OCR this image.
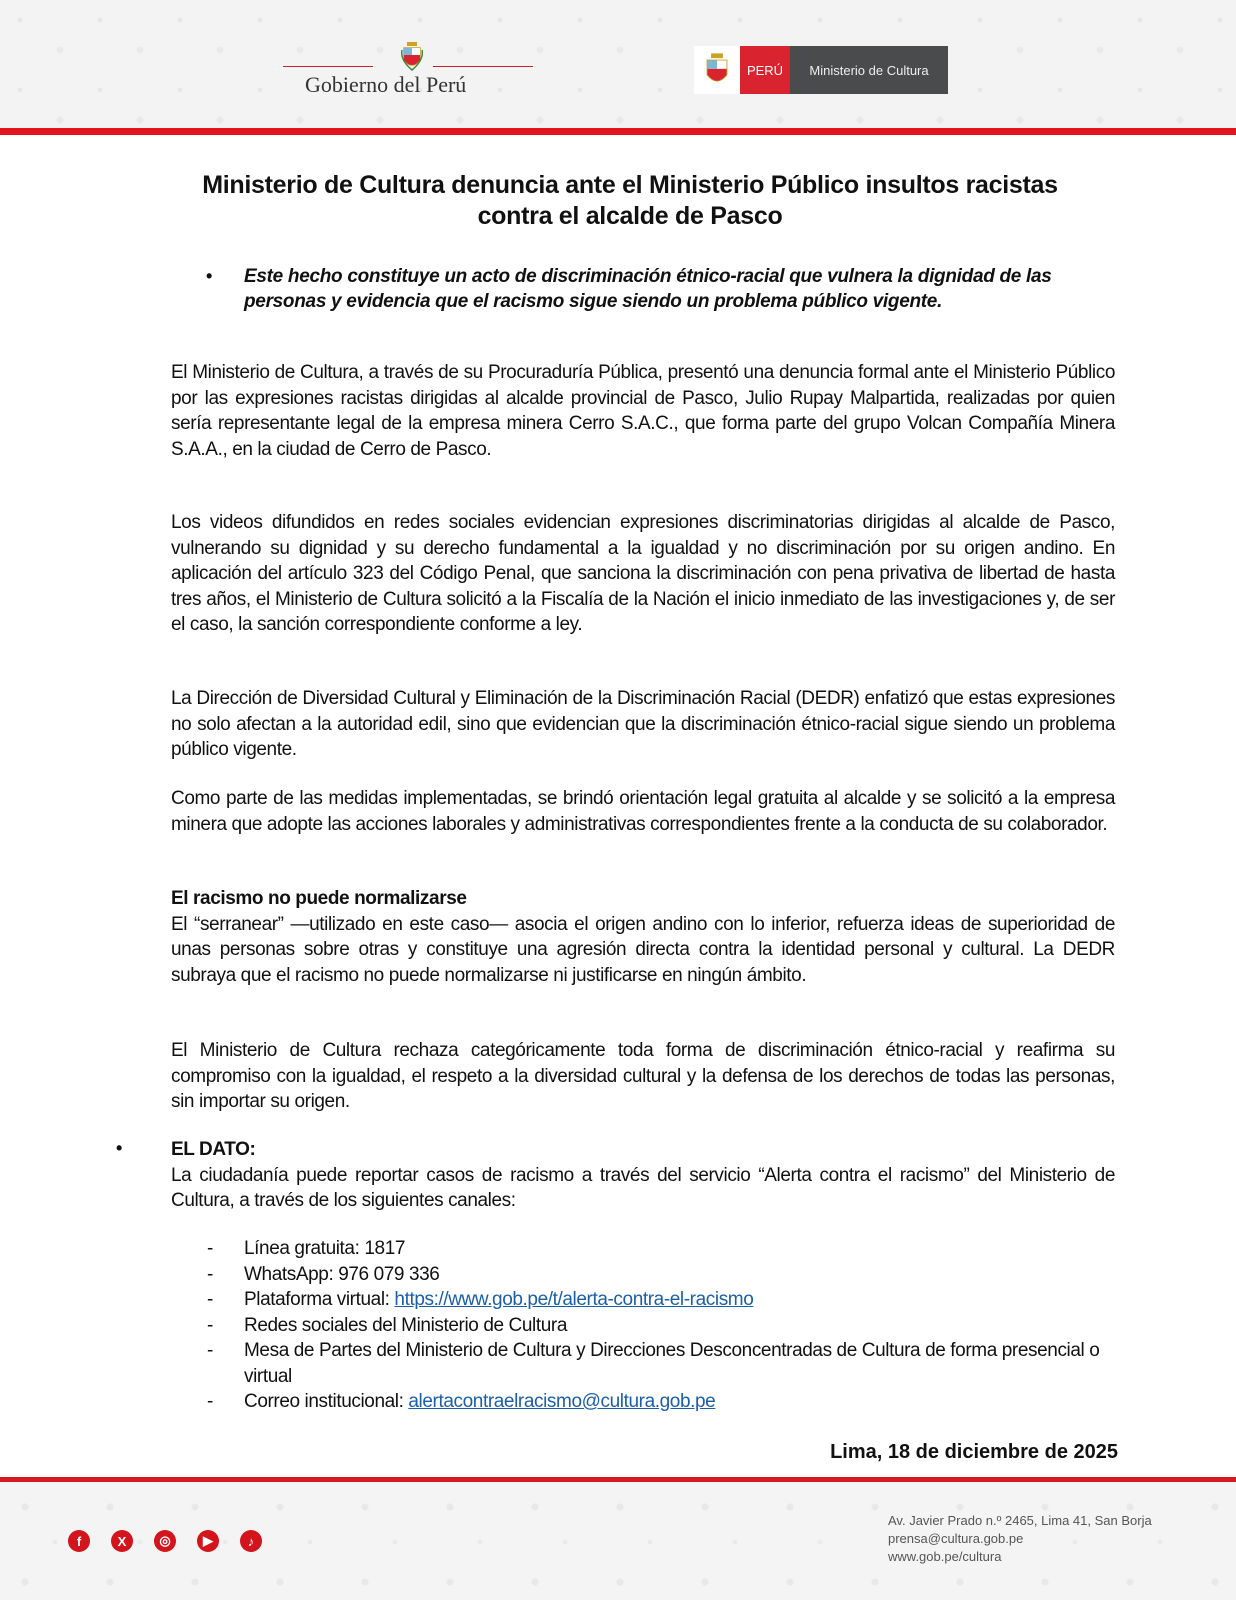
Gobierno del Perú
PERÚ	Ministerio de Cultura
Ministerio de Cultura denuncia ante el Ministerio Público insultos racistas contra el alcalde de Pasco
• Este hecho constituye un acto de discriminación étnico-racial que vulnera la dignidad de las personas y evidencia que el racismo sigue siendo un problema público vigente.
El Ministerio de Cultura, a través de su Procuraduría Pública, presentó una denuncia formal ante el Ministerio Público por las expresiones racistas dirigidas al alcalde provincial de Pasco, Julio Rupay Malpartida, realizadas por quien sería representante legal de la empresa minera Cerro S.A.C., que forma parte del grupo Volcan Compañía Minera S.A.A., en la ciudad de Cerro de Pasco.
Los videos difundidos en redes sociales evidencian expresiones discriminatorias dirigidas al alcalde de Pasco, vulnerando su dignidad y su derecho fundamental a la igualdad y no discriminación por su origen andino. En aplicación del artículo 323 del Código Penal, que sanciona la discriminación con pena privativa de libertad de hasta tres años, el Ministerio de Cultura solicitó a la Fiscalía de la Nación el inicio inmediato de las investigaciones y, de ser el caso, la sanción correspondiente conforme a ley.
La Dirección de Diversidad Cultural y Eliminación de la Discriminación Racial (DEDR) enfatizó que estas expresiones no solo afectan a la autoridad edil, sino que evidencian que la discriminación étnico-racial sigue siendo un problema público vigente.
Como parte de las medidas implementadas, se brindó orientación legal gratuita al alcalde y se solicitó a la empresa minera que adopte las acciones laborales y administrativas correspondientes frente a la conducta de su colaborador.
El racismo no puede normalizarse
El “serranear” —utilizado en este caso— asocia el origen andino con lo inferior, refuerza ideas de superioridad de unas personas sobre otras y constituye una agresión directa contra la identidad personal y cultural. La DEDR subraya que el racismo no puede normalizarse ni justificarse en ningún ámbito.
El Ministerio de Cultura rechaza categóricamente toda forma de discriminación étnico-racial y reafirma su compromiso con la igualdad, el respeto a la diversidad cultural y la defensa de los derechos de todas las personas, sin importar su origen.
•	EL DATO:
La ciudadanía puede reportar casos de racismo a través del servicio “Alerta contra el racismo” del Ministerio de Cultura, a través de los siguientes canales:
- Línea gratuita: 1817
- WhatsApp: 976 079 336
- Plataforma virtual: https://www.gob.pe/t/alerta-contra-el-racismo
- Redes sociales del Ministerio de Cultura
- Mesa de Partes del Ministerio de Cultura y Direcciones Desconcentradas de Cultura de forma presencial o virtual
- Correo institucional: alertacontraelracismo@cultura.gob.pe
Lima, 18 de diciembre de 2025
f	X	◎	▶	♪
Av. Javier Prado n.º 2465, Lima 41, San Borja
prensa@cultura.gob.pe
www.gob.pe/cultura
